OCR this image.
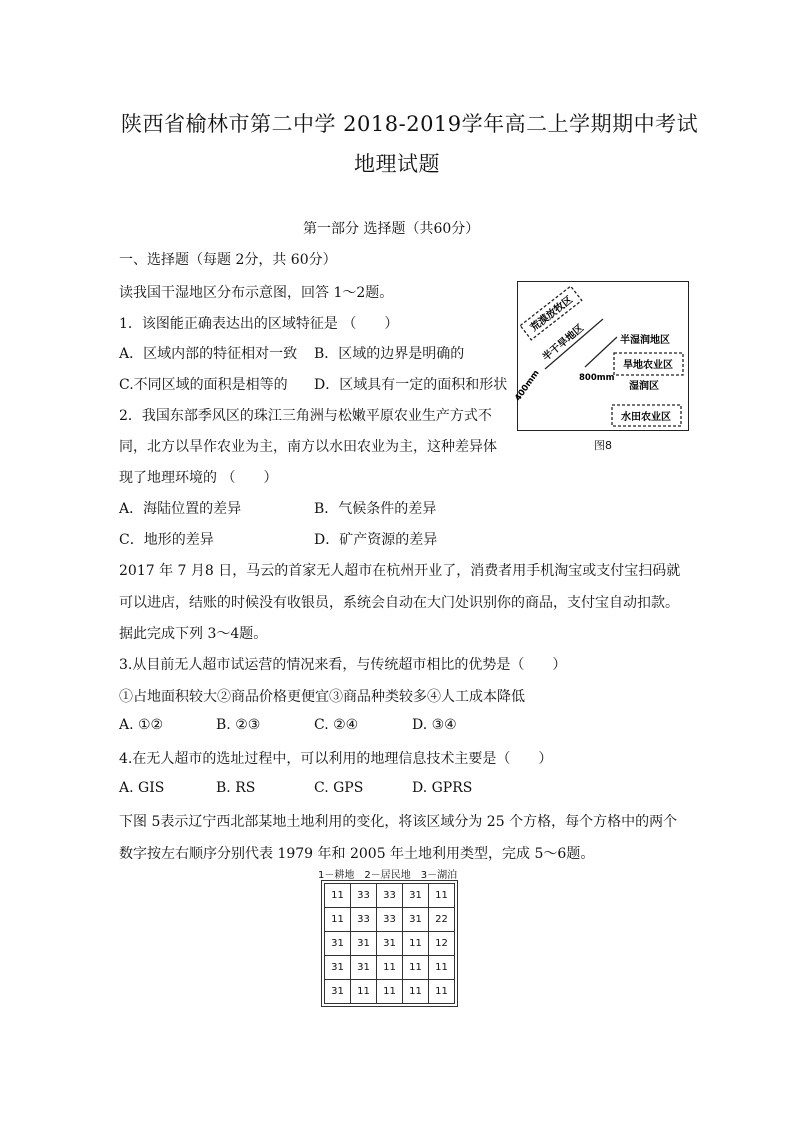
陕西省榆林市第二中学 2018-2019学年高二上学期期中考试
地理试题
第一部分 选择题（共60分）
一、选择题（每题 2分，共 60分）
读我国干湿地区分布示意图，回答 1～2题。
1．该图能正确表达出的区域特征是 （　　）
A．区域内部的特征相对一致 B．区域的边界是明确的
C.不同区域的面积是相等的 D．区域具有一定的面积和形状
2．我国东部季风区的珠江三角洲与松嫩平原农业生产方式不
同，北方以旱作农业为主，南方以水田农业为主，这种差异体
现了地理环境的 （　　）
A．海陆位置的差异	B．气候条件的差异
C．地形的差异	D．矿产资源的差异
荒漠放牧区
半干旱地区
400mm	800mm
半湿润地区
旱地农业区
湿润区
水田农业区
图8
2017 年 7 月8 日，马云的首家无人超市在杭州开业了，消费者用手机淘宝或支付宝扫码就
可以进店，结账的时候没有收银员，系统会自动在大门处识别你的商品，支付宝自动扣款。
据此完成下列 3～4题。
3.从目前无人超市试运营的情况来看，与传统超市相比的优势是（　　）
①占地面积较大②商品价格更便宜③商品种类较多④人工成本降低
A. ①②	B. ②③	C. ②④	D. ③④
4.在无人超市的选址过程中，可以利用的地理信息技术主要是（　　）
A. GIS	B. RS	C. GPS	D. GPRS
下图 5表示辽宁西北部某地土地利用的变化，将该区域分为 25 个方格，每个方格中的两个
数字按左右顺序分别代表 1979 年和 2005 年土地利用类型，完成 5～6题。
1－耕地　2－居民地　3－湖泊
11	33	33	31	11
11	33	33	31	22
31	31	31	11	12
31	31	11	11	11
31	11	11	11	11
